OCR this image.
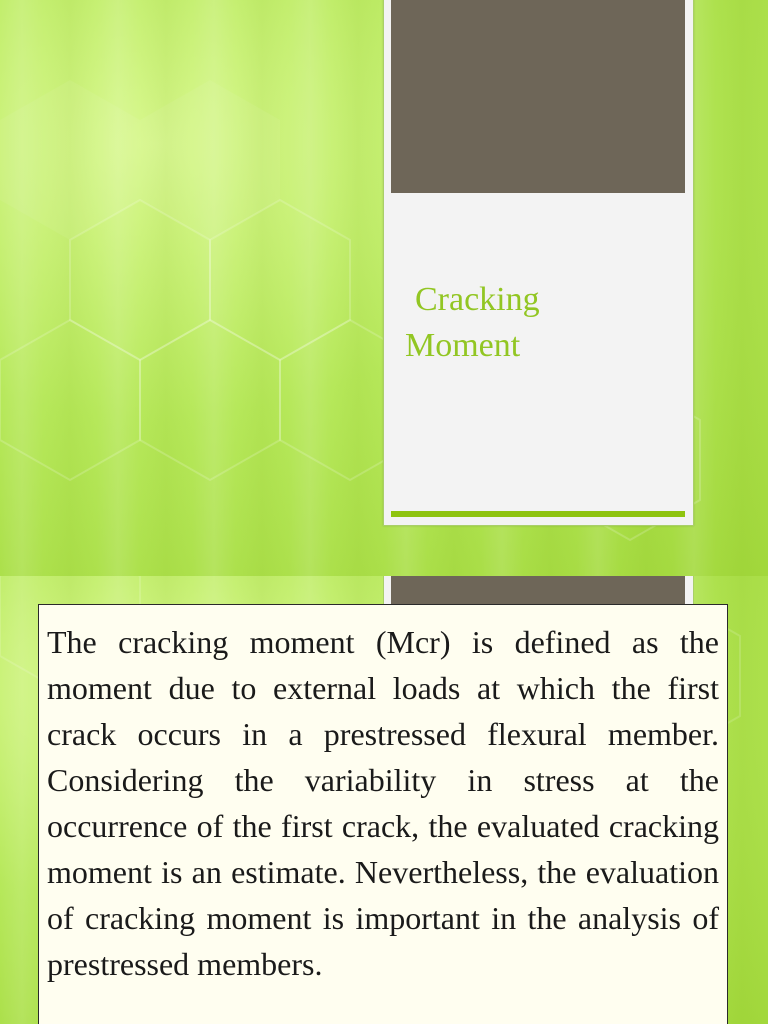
Cracking
Moment

The cracking moment (Mcr) is defined as the moment due to external loads at which the first crack occurs in a prestressed flexural member. Considering the variability in stress at the occurrence of the first crack, the evaluated cracking moment is an estimate. Nevertheless, the evaluation of cracking moment is important in the analysis of prestressed members.
